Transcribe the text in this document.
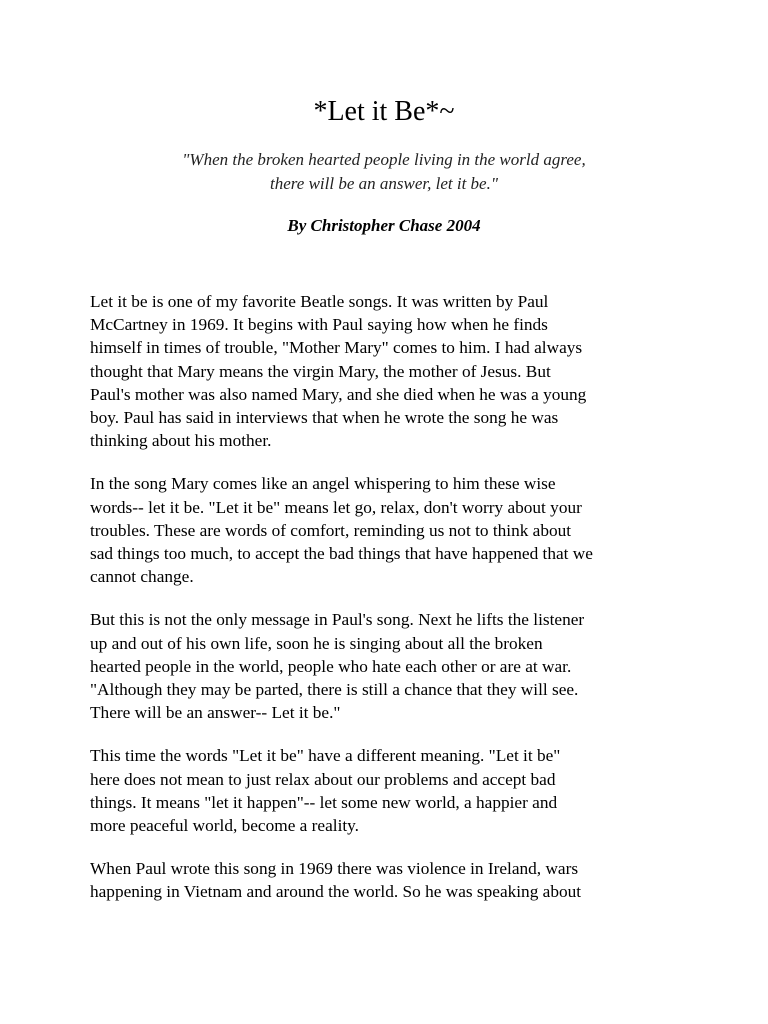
*Let it Be*~

"When the broken hearted people living in the world agree,
there will be an answer, let it be."

By Christopher Chase 2004

Let it be is one of my favorite Beatle songs. It was written by Paul
McCartney in 1969. It begins with Paul saying how when he finds
himself in times of trouble, "Mother Mary" comes to him. I had always
thought that Mary means the virgin Mary, the mother of Jesus. But
Paul's mother was also named Mary, and she died when he was a young
boy. Paul has said in interviews that when he wrote the song he was
thinking about his mother.

In the song Mary comes like an angel whispering to him these wise
words-- let it be. "Let it be" means let go, relax, don't worry about your
troubles. These are words of comfort, reminding us not to think about
sad things too much, to accept the bad things that have happened that we
cannot change.

But this is not the only message in Paul's song. Next he lifts the listener
up and out of his own life, soon he is singing about all the broken
hearted people in the world, people who hate each other or are at war.
"Although they may be parted, there is still a chance that they will see.
There will be an answer-- Let it be."

This time the words "Let it be" have a different meaning. "Let it be"
here does not mean to just relax about our problems and accept bad
things. It means "let it happen"-- let some new world, a happier and
more peaceful world, become a reality.

When Paul wrote this song in 1969 there was violence in Ireland, wars
happening in Vietnam and around the world. So he was speaking about
